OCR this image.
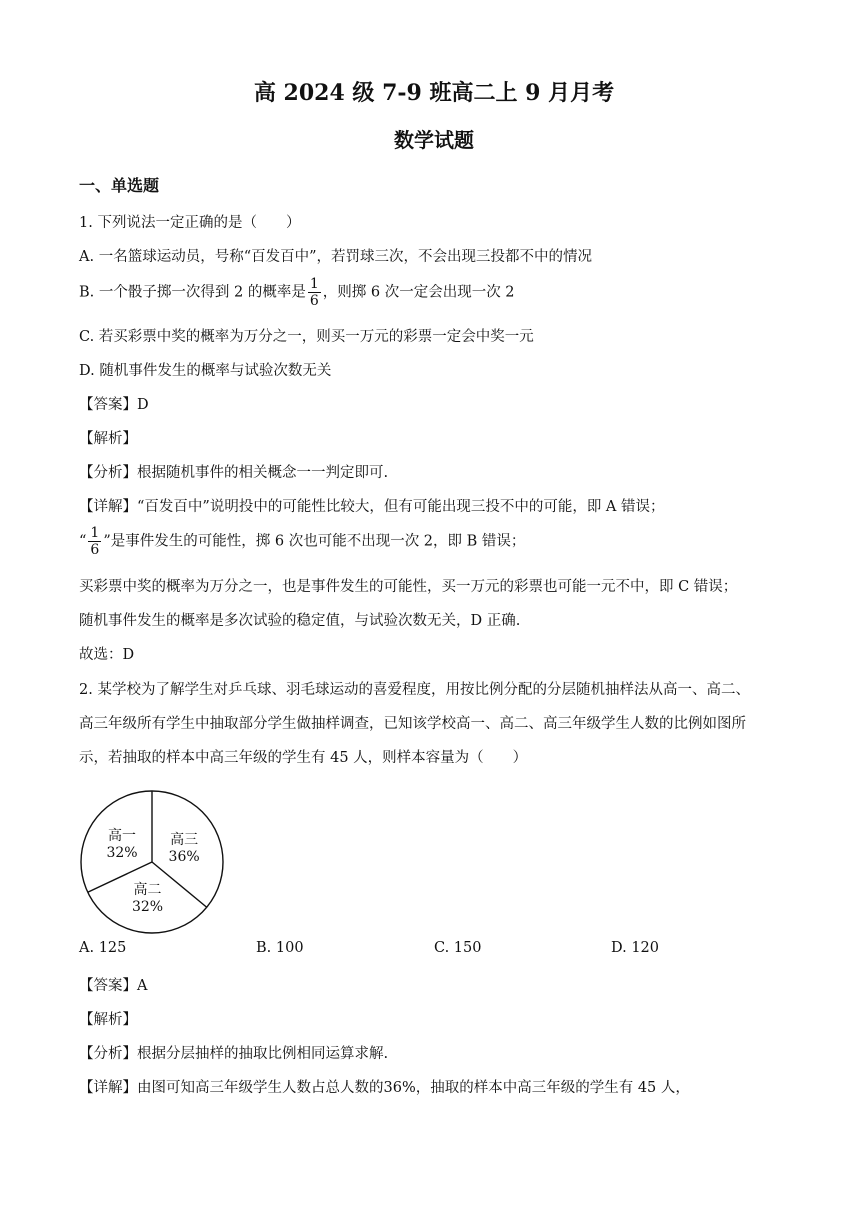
高 2024 级 7-9 班高二上 9 月月考
数学试题
一、单选题
1. 下列说法一定正确的是（　　）
A. 一名篮球运动员，号称“百发百中”，若罚球三次，不会出现三投都不中的情况
B. 一个骰子掷一次得到 2 的概率是 $\frac{1}{6}$ ，则掷 6 次一定会出现一次 2
C. 若买彩票中奖的概率为万分之一，则买一万元的彩票一定会中奖一元
D. 随机事件发生的概率与试验次数无关
【答案】D
【解析】
【分析】根据随机事件的相关概念一一判定即可.
【详解】“百发百中”说明投中的可能性比较大，但有可能出现三投不中的可能，即 A 错误；
“ $\frac{1}{6}$ ”是事件发生的可能性，掷 6 次也可能不出现一次 2，即 B 错误；
买彩票中奖的概率为万分之一，也是事件发生的可能性，买一万元的彩票也可能一元不中，即 C 错误；
随机事件发生的概率是多次试验的稳定值，与试验次数无关，D 正确.
故选：D
2. 某学校为了解学生对乒乓球、羽毛球运动的喜爱程度，用按比例分配的分层随机抽样法从高一、高二、
高三年级所有学生中抽取部分学生做抽样调查，已知该学校高一、高二、高三年级学生人数的比例如图所
示，若抽取的样本中高三年级的学生有 45 人，则样本容量为（　　）
高三
36%
高二
32%
高一
32%
A. 125	B. 100	C. 150	D. 120
【答案】A
【解析】
【分析】根据分层抽样的抽取比例相同运算求解.
【详解】由图可知高三年级学生人数占总人数的36%，抽取的样本中高三年级的学生有 45 人，
